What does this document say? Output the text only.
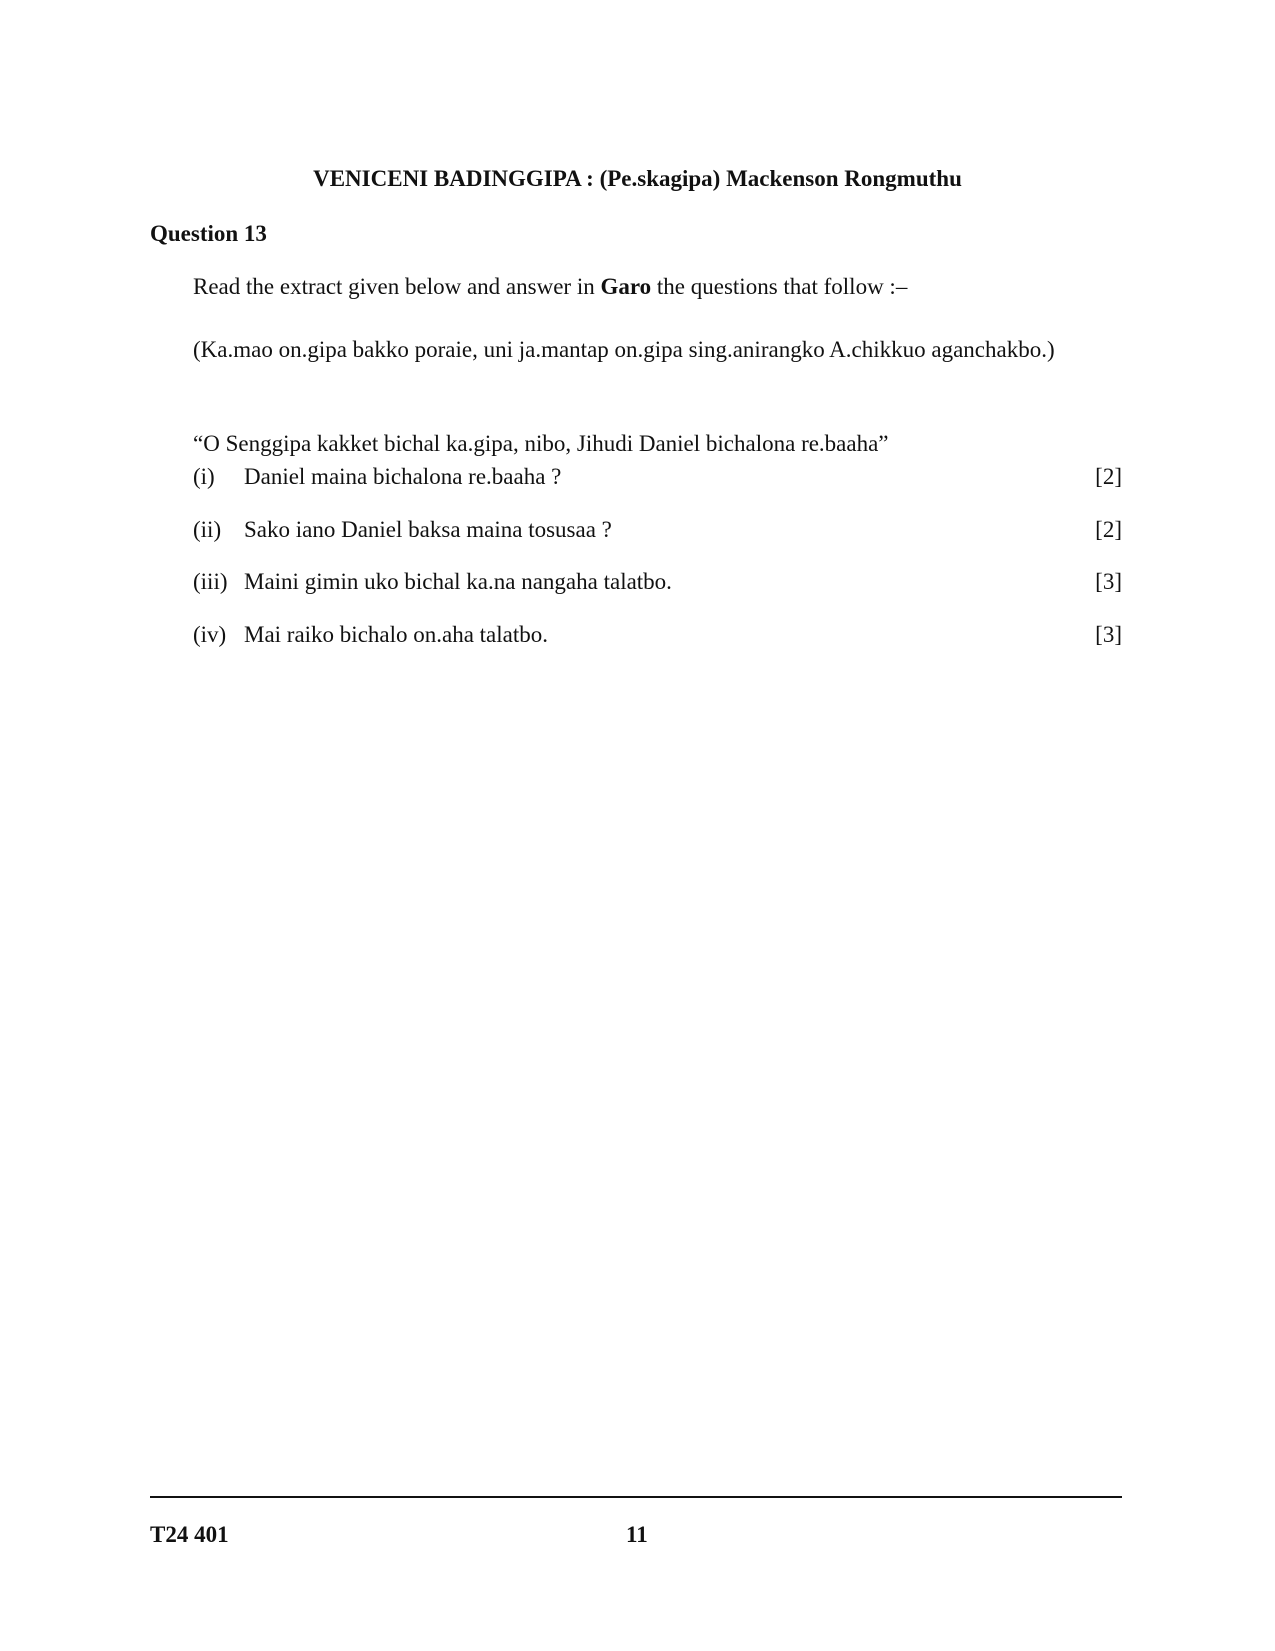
VENICENI BADINGGIPA : (Pe.skagipa) Mackenson Rongmuthu
Question 13
Read the extract given below and answer in Garo the questions that follow :–
(Ka.mao on.gipa bakko poraie, uni ja.mantap on.gipa sing.anirangko A.chikkuo aganchakbo.)
“O Senggipa kakket bichal ka.gipa, nibo, Jihudi Daniel bichalona re.baaha”
(i) Daniel maina bichalona re.baaha ?	[2]
(ii) Sako iano Daniel baksa maina tosusaa ?	[2]
(iii) Maini gimin uko bichal ka.na nangaha talatbo.	[3]
(iv) Mai raiko bichalo on.aha talatbo.	[3]
T24 401	11
